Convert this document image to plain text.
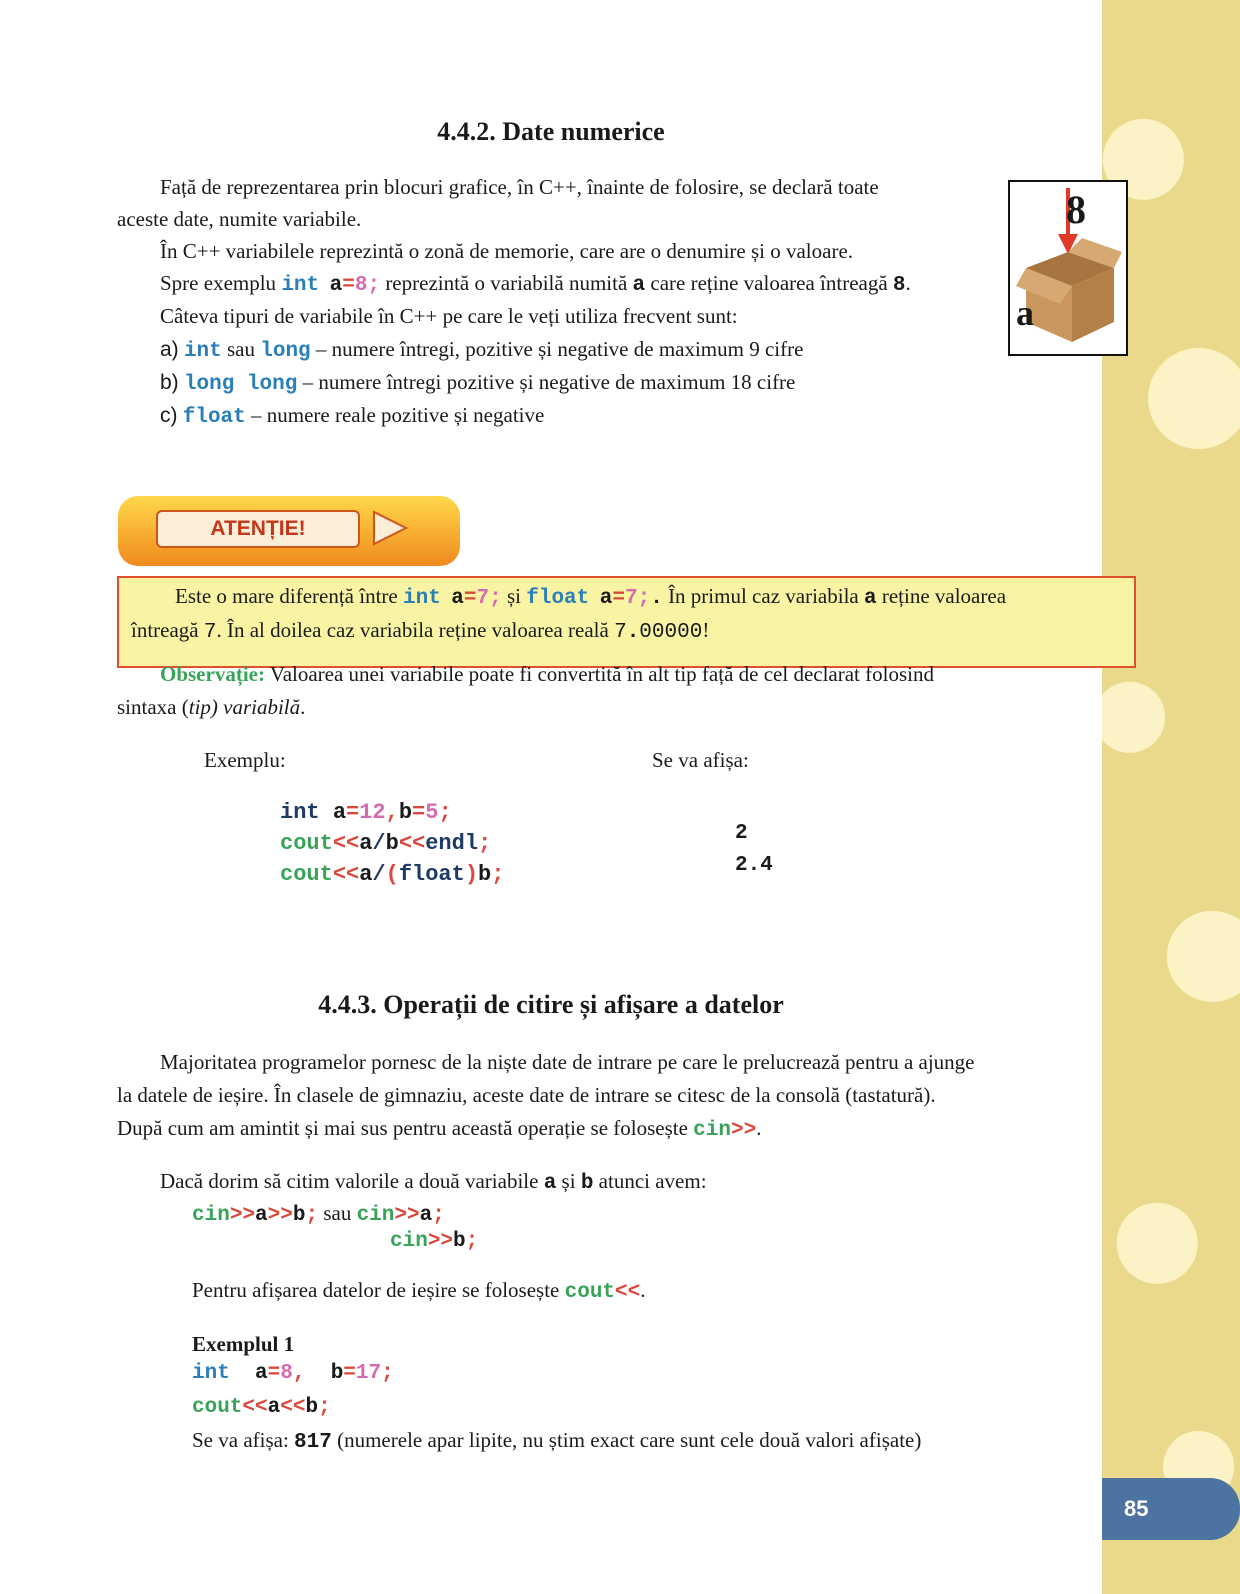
85
4.4.2. Date numerice
Față de reprezentarea prin blocuri grafice, în C++, înainte de folosire, se declară toate
aceste date, numite variabile.
În C++ variabilele reprezintă o zonă de memorie, care are o denumire și o valoare.
Spre exemplu int a=8; reprezintă o variabilă numită a care reține valoarea întreagă 8.
Câteva tipuri de variabile în C++ pe care le veți utiliza frecvent sunt:
a) int sau long – numere întregi, pozitive și negative de maximum 9 cifre
b) long long – numere întregi pozitive și negative de maximum 18 cifre
c) float – numere reale pozitive și negative
8
a
ATENȚIE!
Este o mare diferență între int a=7; și float a=7;. În primul caz variabila a reține valoarea
întreagă 7. În al doilea caz variabila reține valoarea reală 7.00000!
Observație: Valoarea unei variabile poate fi convertită în alt tip față de cel declarat folosind
sintaxa (tip) variabilă.
Exemplu:	Se va afișa:
int a=12,b=5;
cout<<a/b<<endl;
cout<<a/(float)b;
2
2.4
4.4.3. Operații de citire și afișare a datelor
Majoritatea programelor pornesc de la niște date de intrare pe care le prelucrează pentru a ajunge
la datele de ieșire. În clasele de gimnaziu, aceste date de intrare se citesc de la consolă (tastatură).
După cum am amintit și mai sus pentru această operație se folosește cin>>.
Dacă dorim să citim valorile a două variabile a și b atunci avem:
cin>>a>>b; sau cin>>a;
cin>>b;
Pentru afișarea datelor de ieșire se folosește cout<<.
Exemplul 1
int a=8, b=17;
cout<<a<<b;
Se va afișa: 817 (numerele apar lipite, nu știm exact care sunt cele două valori afișate)
